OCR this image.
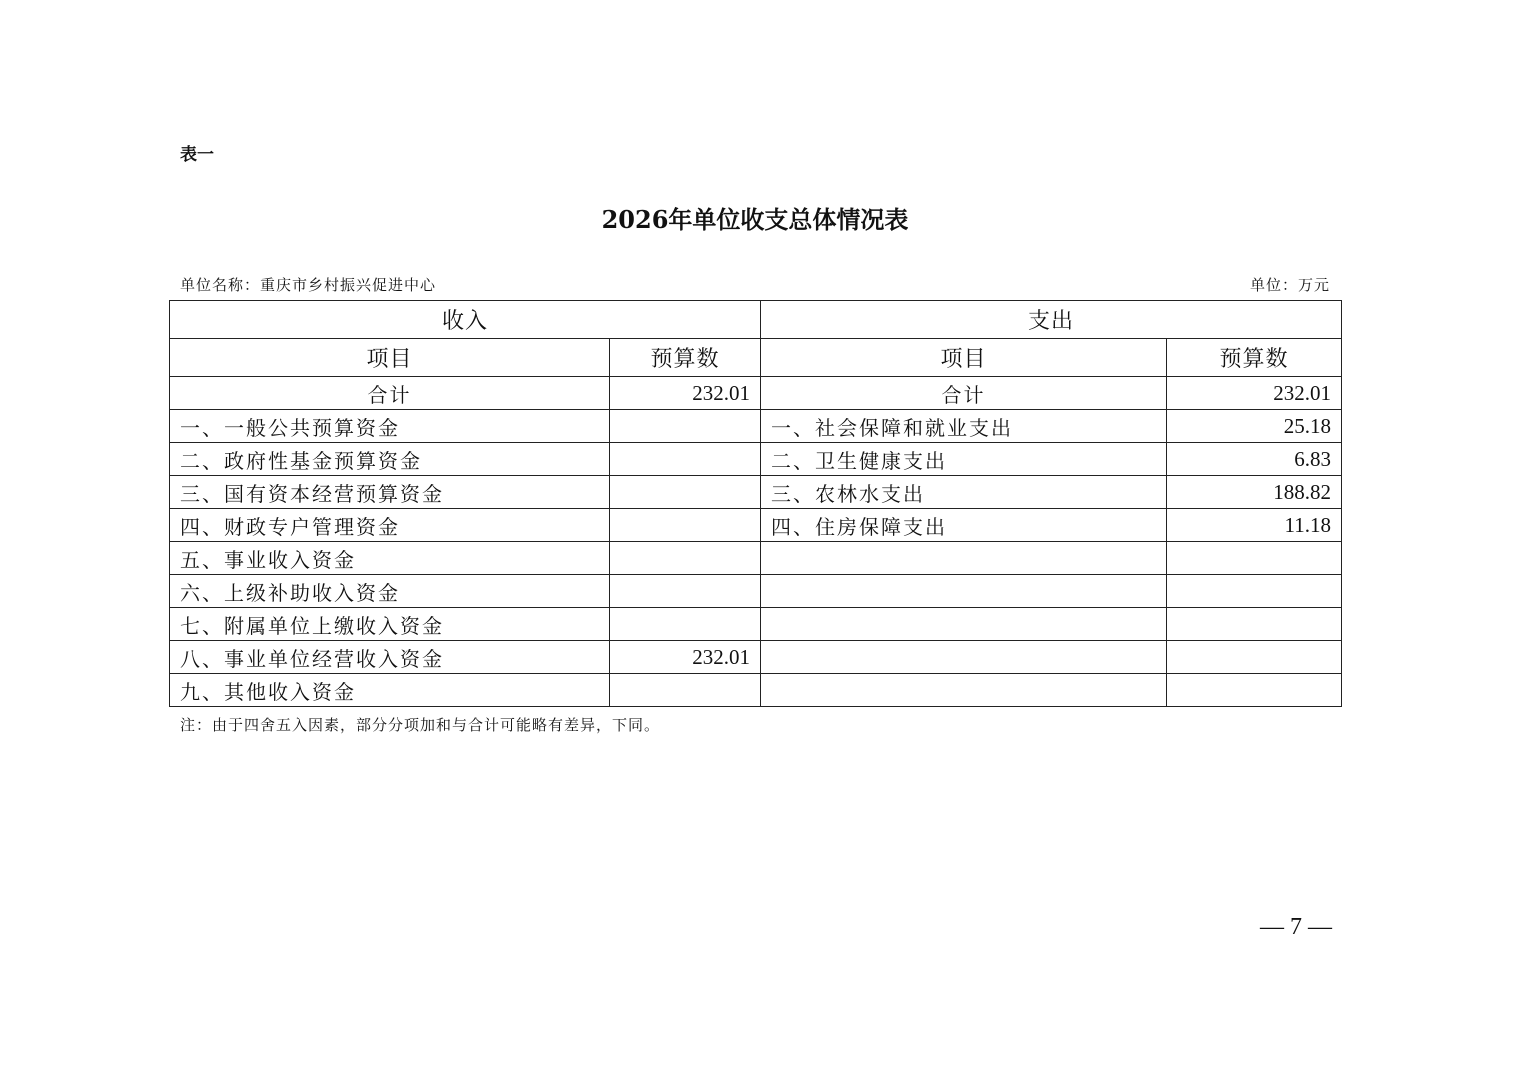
表一
2026年单位收支总体情况表
单位名称：重庆市乡村振兴促进中心	单位：万元
收入		支出	
项目	预算数	项目	预算数
合计	232.01	合计	232.01
一、一般公共预算资金		一、社会保障和就业支出	25.18
二、政府性基金预算资金		二、卫生健康支出	6.83
三、国有资本经营预算资金		三、农林水支出	188.82
四、财政专户管理资金		四、住房保障支出	11.18
五、事业收入资金			
六、上级补助收入资金			
七、附属单位上缴收入资金			
八、事业单位经营收入资金	232.01		
九、其他收入资金			
注：由于四舍五入因素，部分分项加和与合计可能略有差异，下同。
— 7 —
